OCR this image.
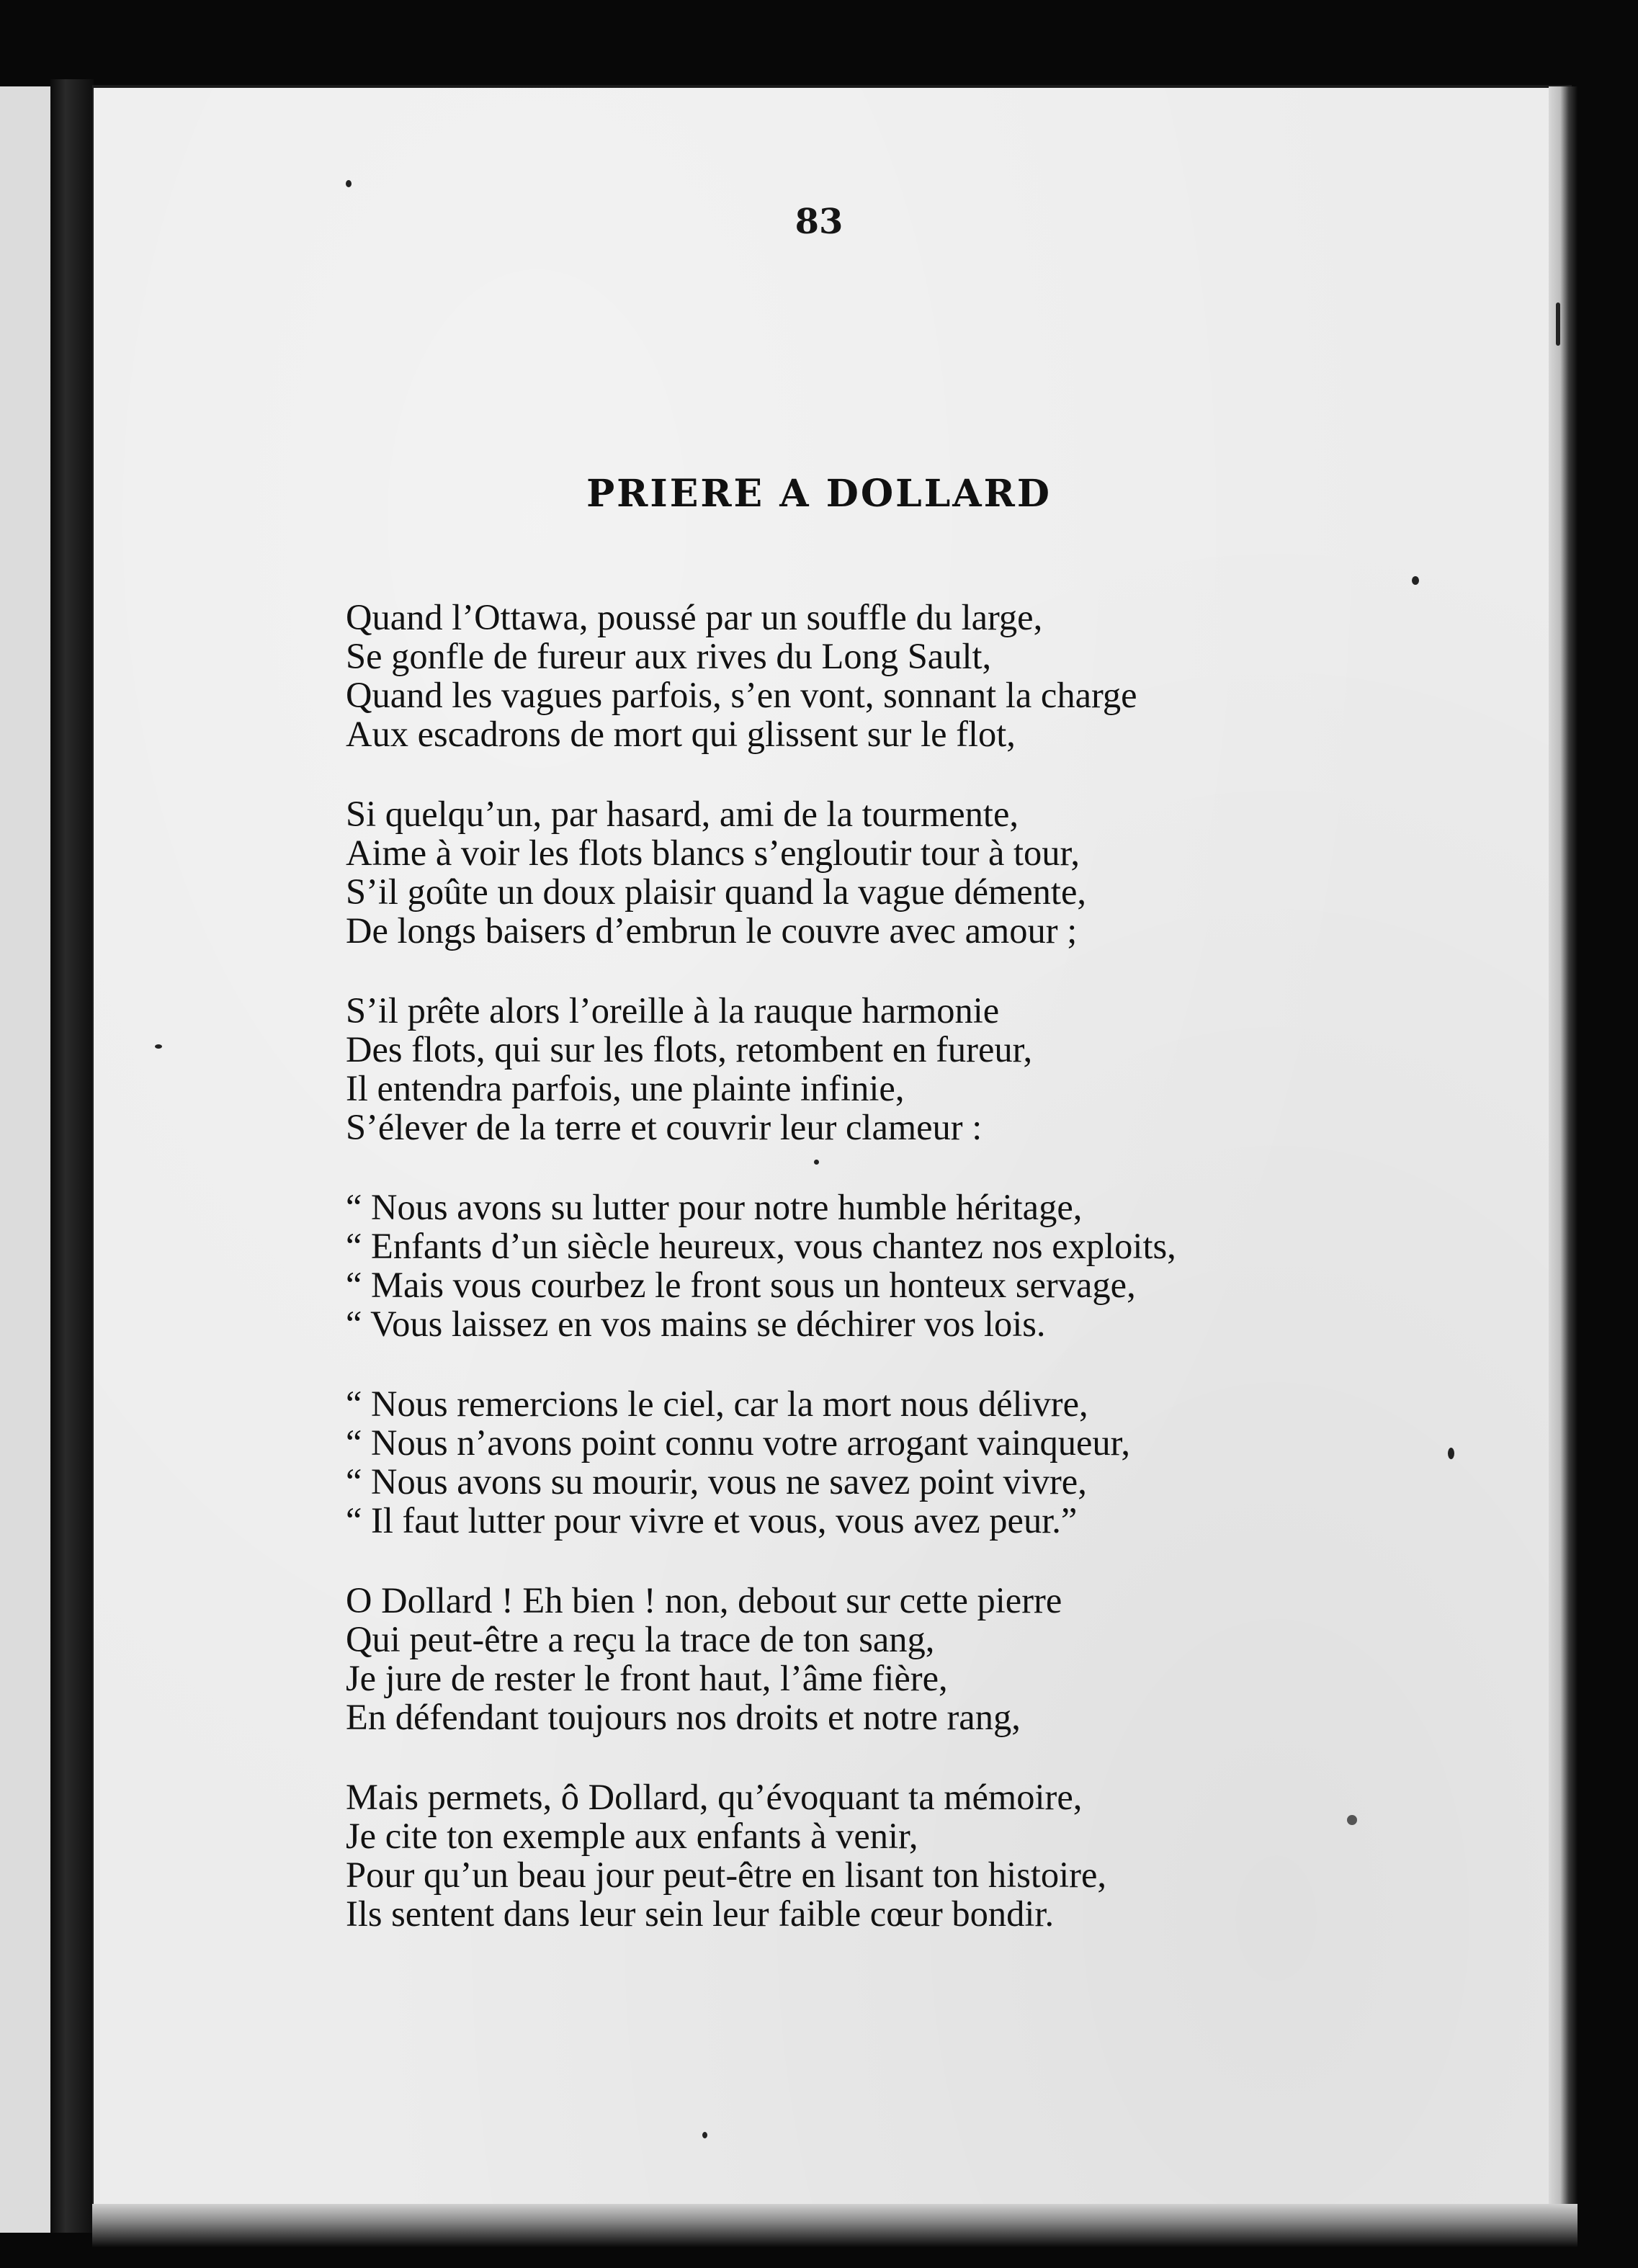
83
PRIERE A DOLLARD
Quand l’Ottawa, poussé par un souffle du large,
Se gonfle de fureur aux rives du Long Sault,
Quand les vagues parfois, s’en vont, sonnant la charge
Aux escadrons de mort qui glissent sur le flot,
Si quelqu’un, par hasard, ami de la tourmente,
Aime à voir les flots blancs s’engloutir tour à tour,
S’il goûte un doux plaisir quand la vague démente,
De longs baisers d’embrun le couvre avec amour ;
S’il prête alors l’oreille à la rauque harmonie
Des flots, qui sur les flots, retombent en fureur,
Il entendra parfois, une plainte infinie,
S’élever de la terre et couvrir leur clameur :
“ Nous avons su lutter pour notre humble héritage,
“ Enfants d’un siècle heureux, vous chantez nos exploits,
“ Mais vous courbez le front sous un honteux servage,
“ Vous laissez en vos mains se déchirer vos lois.
“ Nous remercions le ciel, car la mort nous délivre,
“ Nous n’avons point connu votre arrogant vainqueur,
“ Nous avons su mourir, vous ne savez point vivre,
“ Il faut lutter pour vivre et vous, vous avez peur.”
O Dollard ! Eh bien ! non, debout sur cette pierre
Qui peut-être a reçu la trace de ton sang,
Je jure de rester le front haut, l’âme fière,
En défendant toujours nos droits et notre rang,
Mais permets, ô Dollard, qu’évoquant ta mémoire,
Je cite ton exemple aux enfants à venir,
Pour qu’un beau jour peut-être en lisant ton histoire,
Ils sentent dans leur sein leur faible cœur bondir.
